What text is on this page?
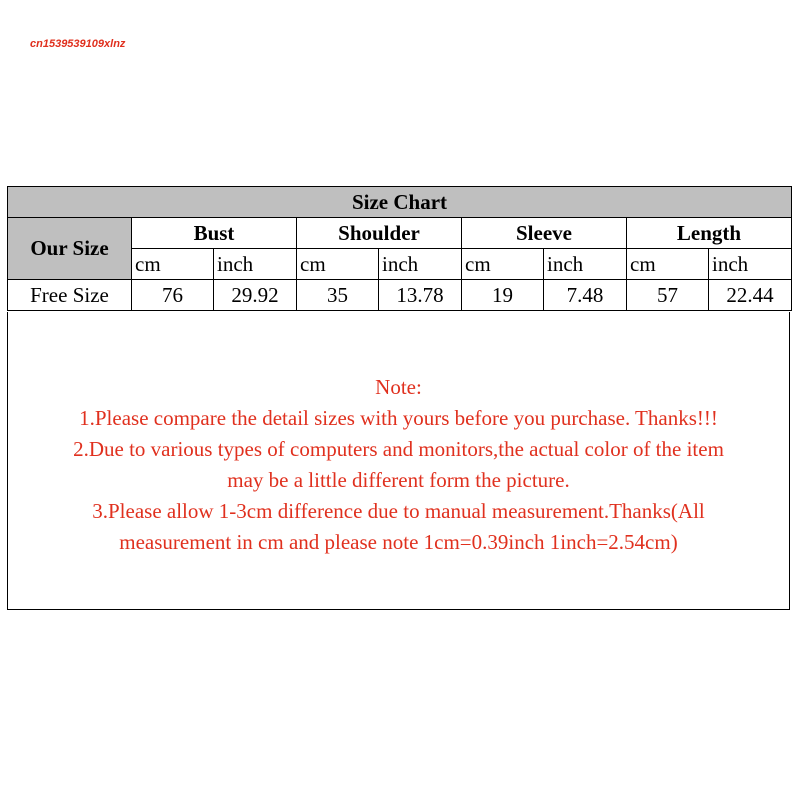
cn1539539109xlnz
Size Chart								
Our Size	Bust		Shoulder		Sleeve		Length	
	cm	inch	cm	inch	cm	inch	cm	inch
Free Size	76	29.92	35	13.78	19	7.48	57	22.44
Note:
1.Please compare the detail sizes with yours before you purchase. Thanks!!!
2.Due to various types of computers and monitors,the actual color of the item
may be a little different form the picture.
3.Please allow 1-3cm difference due to manual measurement.Thanks(All
measurement in cm and please note 1cm=0.39inch 1inch=2.54cm)
